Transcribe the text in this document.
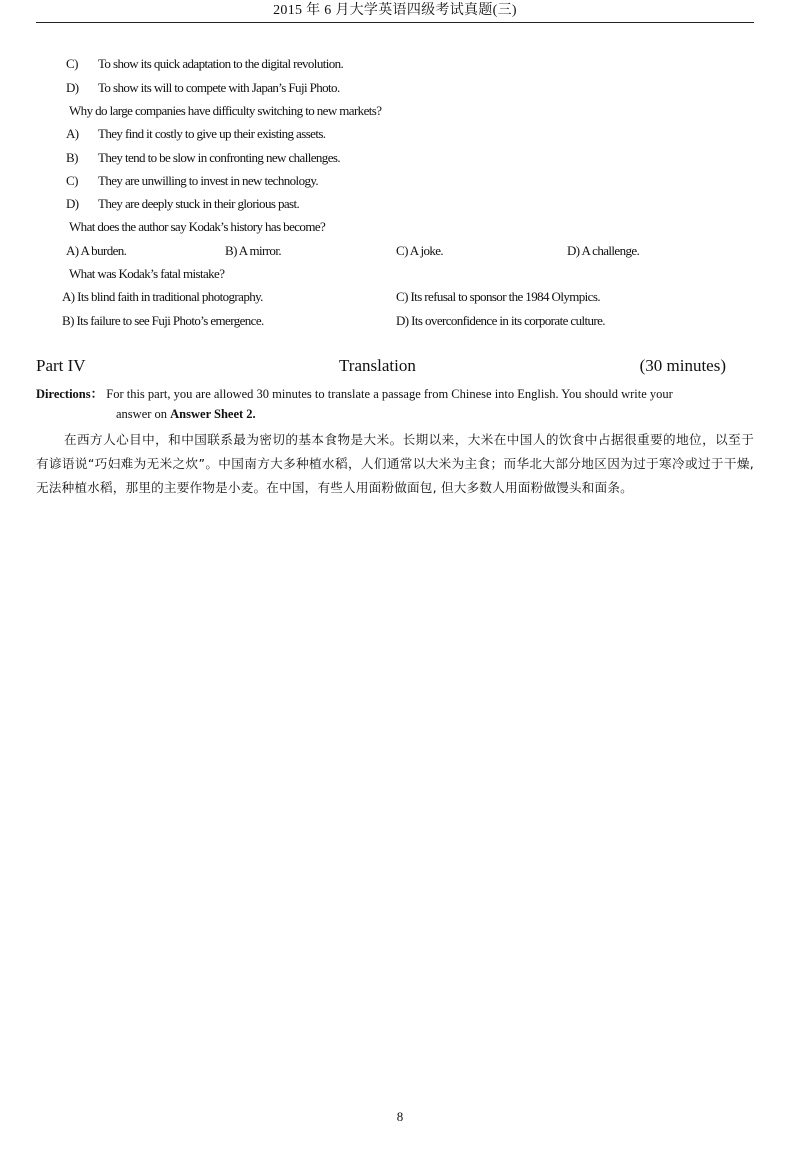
2015 年 6 月大学英语四级考试真题(三)
C) To show its quick adaptation to the digital revolution.
D) To show its will to compete with Japan’s Fuji Photo.
Why do large companies have difficulty switching to new markets?
A) They find it costly to give up their existing assets.
B) They tend to be slow in confronting new challenges.
C) They are unwilling to invest in new technology.
D) They are deeply stuck in their glorious past.
What does the author say Kodak’s history has become?
A) A burden.	B) A mirror.	C) A joke.	D) A challenge.
What was Kodak’s fatal mistake?
A) Its blind faith in traditional photography.	C) Its refusal to sponsor the 1984 Olympics.
B) Its failure to see Fuji Photo’s emergence.	D) Its overconfidence in its corporate culture.
Part IV	Translation	(30 minutes)
Directions： For this part, you are allowed 30 minutes to translate a passage from Chinese into English. You should write your
answer on Answer Sheet 2.
在西方人心目中，和中国联系最为密切的基本食物是大米。长期以来，大米在中国人的饮食中占据很重要的地位，以至于有谚语说“巧妇难为无米之炊”。中国南方大多种植水稻，人们通常以大米为主食；而华北大部分地区因为过于寒冷或过于干燥, 无法种植水稻，那里的主要作物是小麦。在中国，有些人用面粉做面包, 但大多数人用面粉做馒头和面条。
8
